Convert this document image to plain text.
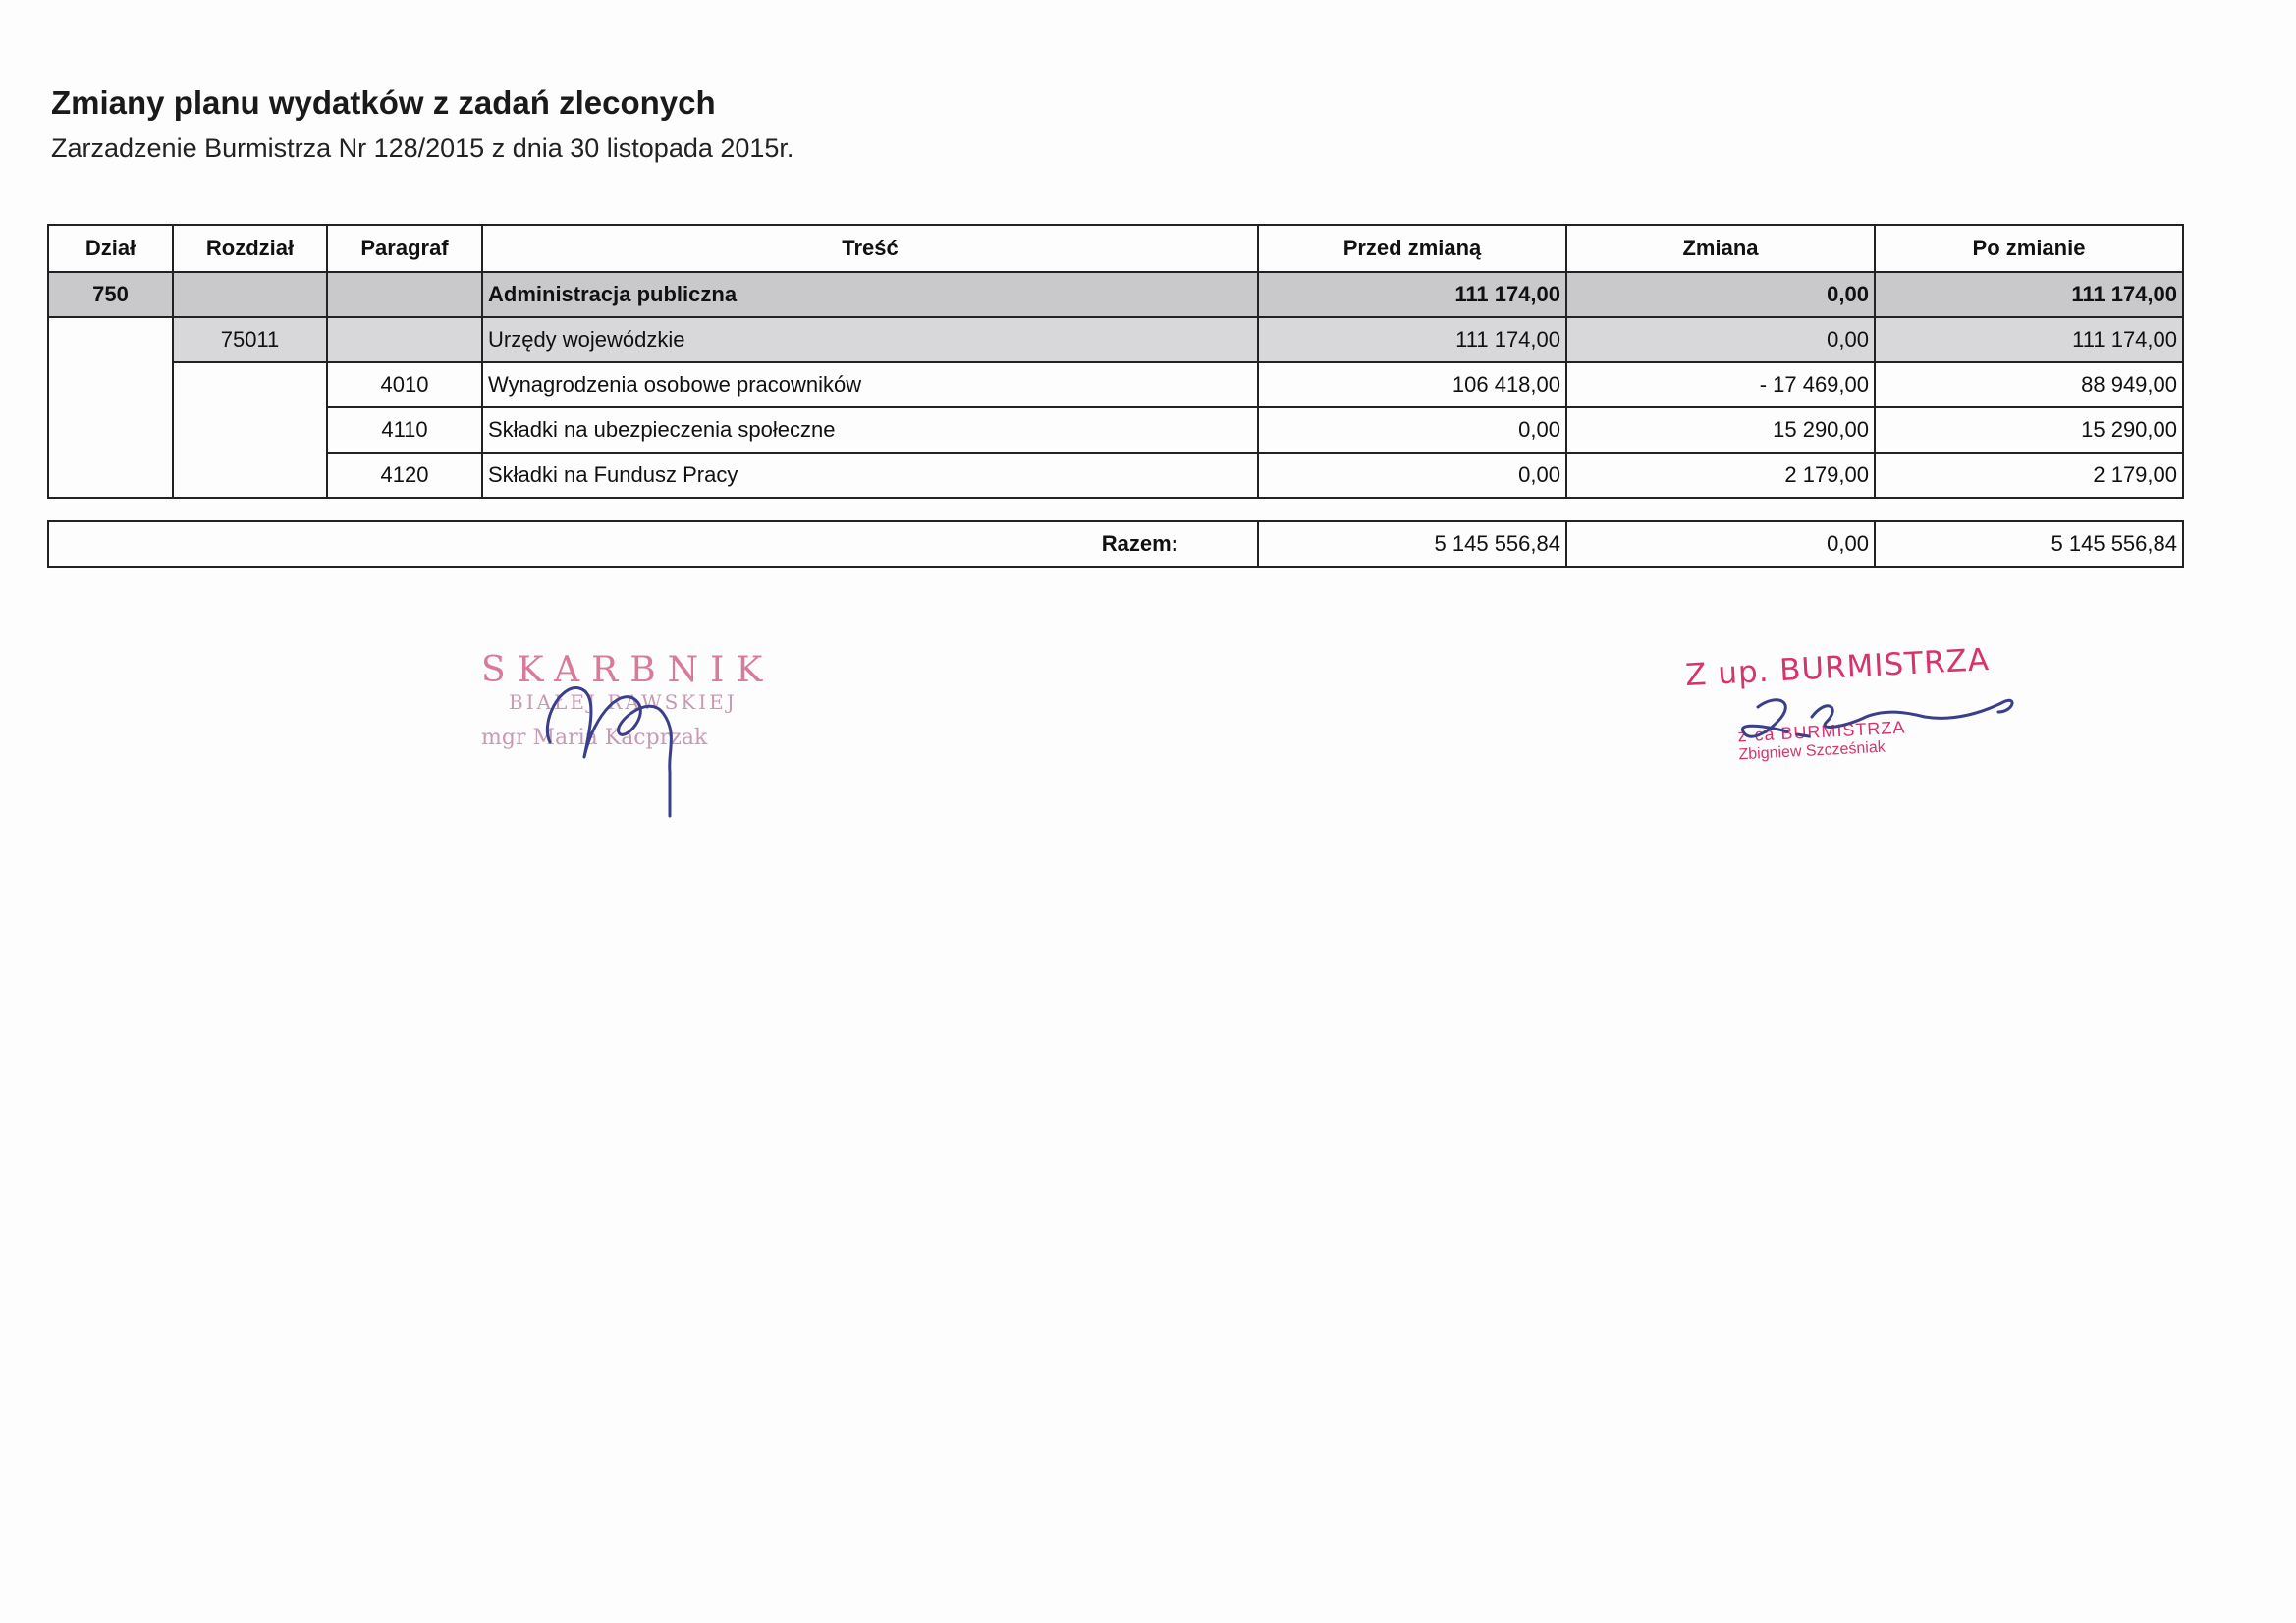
Zmiany planu wydatków z zadań zleconych
Zarzadzenie Burmistrza Nr 128/2015 z dnia 30 listopada 2015r.
Dział	Rozdział	Paragraf	Treść	Przed zmianą	Zmiana	Po zmianie
750			Administracja publiczna	111 174,00	0,00	111 174,00
	75011		Urzędy wojewódzkie	111 174,00	0,00	111 174,00
		4010	Wynagrodzenia osobowe pracowników	106 418,00	- 17 469,00	88 949,00
		4110	Składki na ubezpieczenia społeczne	0,00	15 290,00	15 290,00
		4120	Składki na Fundusz Pracy	0,00	2 179,00	2 179,00
Razem:	5 145 556,84	0,00	5 145 556,84
SKARBNIK
BIAŁEJ RAWSKIEJ
mgr Maria Kacprzak
Z up. BURMISTRZA
z-ca BURMISTRZA
Zbigniew Szcześniak
